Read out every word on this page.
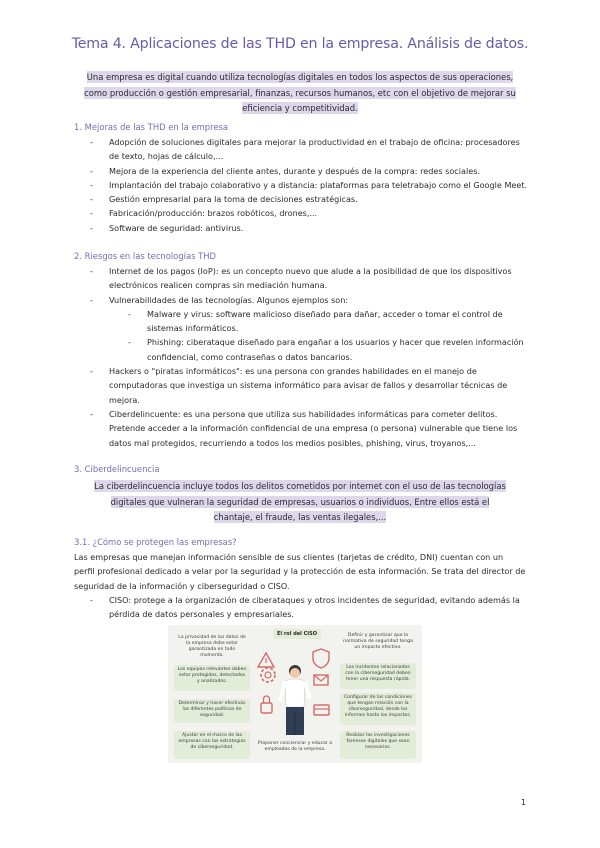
Tema 4. Aplicaciones de las THD en la empresa. Análisis de datos.
Una empresa es digital cuando utiliza tecnologías digitales en todos los aspectos de sus operaciones, como producción o gestión empresarial, finanzas, recursos humanos, etc con el objetivo de mejorar su eficiencia y competitividad.
1. Mejoras de las THD en la empresa
- Adopción de soluciones digitales para mejorar la productividad en el trabajo de oficina: procesadores de texto, hojas de cálculo,...
- Mejora de la experiencia del cliente antes, durante y después de la compra: redes sociales.
- Implantación del trabajo colaborativo y a distancia: plataformas para teletrabajo como el Google Meet.
- Gestión empresarial para la toma de decisiones estratégicas.
- Fabricación/producción: brazos robóticos, drones,...
- Software de seguridad: antivirus.
2. Riesgos en las tecnologías THD
- Internet de los pagos (IoP): es un concepto nuevo que alude a la posibilidad de que los dispositivos electrónicos realicen compras sin mediación humana.
- Vulnerabilidades de las tecnologías. Algunos ejemplos son:
- Malware y virus: software malicioso diseñado para dañar, acceder o tomar el control de sistemas informáticos.
- Phishing: ciberataque diseñado para engañar a los usuarios y hacer que revelen información confidencial, como contraseñas o datos bancarios.
- Hackers o "piratas informáticos": es una persona con grandes habilidades en el manejo de computadoras que investiga un sistema informático para avisar de fallos y desarrollar técnicas de mejora.
- Ciberdelincuente: es una persona que utiliza sus habilidades informáticas para cometer delitos. Pretende acceder a la información confidencial de una empresa (o persona) vulnerable que tiene los datos mal protegidos, recurriendo a todos los medios posibles, phishing, virus, troyanos,...
3. Ciberdelincuencia
La ciberdelincuencia incluye todos los delitos cometidos por internet con el uso de las tecnologías digitales que vulneran la seguridad de empresas, usuarios o individuos, Entre ellos está el chantaje, el fraude, las ventas ilegales,...
3.1. ¿Cómo se protegen las empresas?
Las empresas que manejan información sensible de sus clientes (tarjetas de crédito, DNI) cuentan con un perfil profesional dedicado a velar por la seguridad y la protección de esta información. Se trata del director de seguridad de la información y ciberseguridad o CISO.
- CISO: protege a la organización de ciberataques y otros incidentes de seguridad, evitando además la pérdida de datos personales y empresariales.
El rol del CISO
La privacidad de los datos de la empresa debe estar garantizada en todo momento.
Los equipos relevantes deben estar protegidos, detectados y analizados.
Determinar y hacer efectivas las diferentes políticas de seguridad.
Ajustar en el marco de las empresas con las estrategias de ciberseguridad.
Definir y garantizar que la normativa de seguridad tenga un impacto efectivo.
Los incidentes relacionados con la ciberseguridad deben tener una respuesta rápida.
Configurar de las condiciones que tengan relación con la ciberseguridad, desde los informes hasta los impactos.
Realizar las investigaciones forenses digitales que sean necesarias.
Proponer concienciar y educar a empleados de la empresa.
1
